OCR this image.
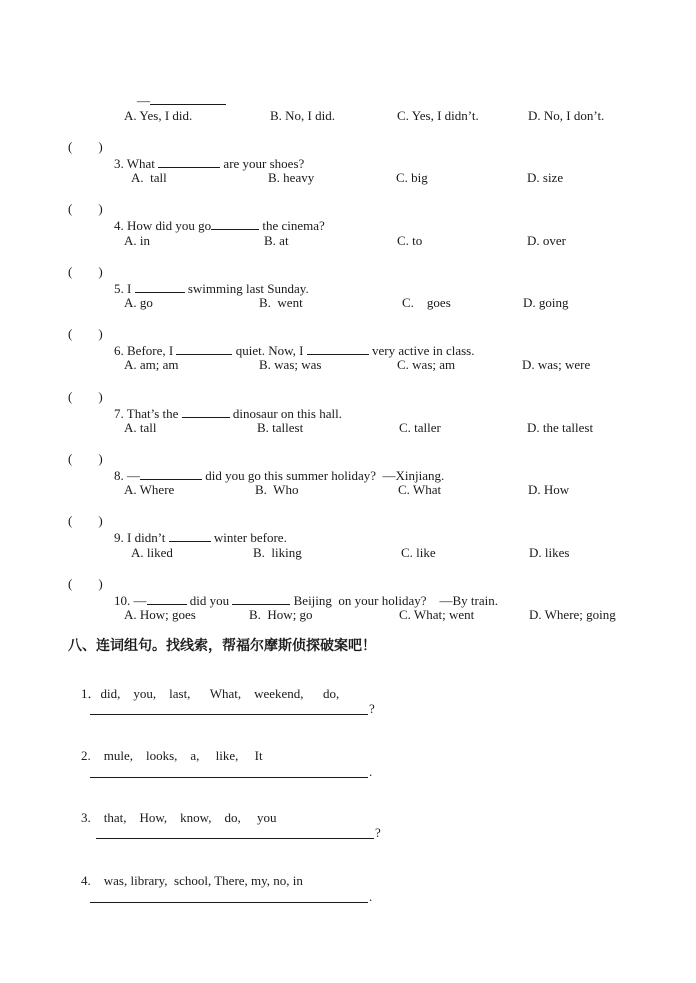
—

A. Yes, I did.	B. No, I did.	C. Yes, I didn’t.	D. No, I don’t.
(        )

3. What	are your shoes?

A.  tall	B. heavy	C. big	D. size
(        )

4. How did you go	the cinema?

A. in	B. at	C. to	D. over
(        )

5. I	swimming last Sunday.

A. go	B.  went	C.    goes	D. going
(        )

6. Before, I	quiet. Now, I	very active in class.

A. am; am	B. was; was	C. was; am	D. was; were
(        )

7. That’s the	dinosaur on this hall.

A. tall	B. tallest	C. taller	D. the tallest
(        )

8. —	did you go this summer holiday?  —Xinjiang.

A. Where	B.  Who	C. What	D. How
(        )

9. I didn’t	winter before.

A. liked	B.  liking	C. like	D. likes
(        )

10. —	did you	Beijing  on your holiday?    —By train.

A. How; goes	B.  How; go	C. What; went	D. Where; going
八、连词组句。找线索，帮福尔摩斯侦探破案吧！

1．did,    you,    last,      What,    weekend,      do,

?

2. mule,    looks,    a,     like,     It

.

3. that,    How,    know,    do,     you

?

4. was, library,  school, There, my, no, in

.
